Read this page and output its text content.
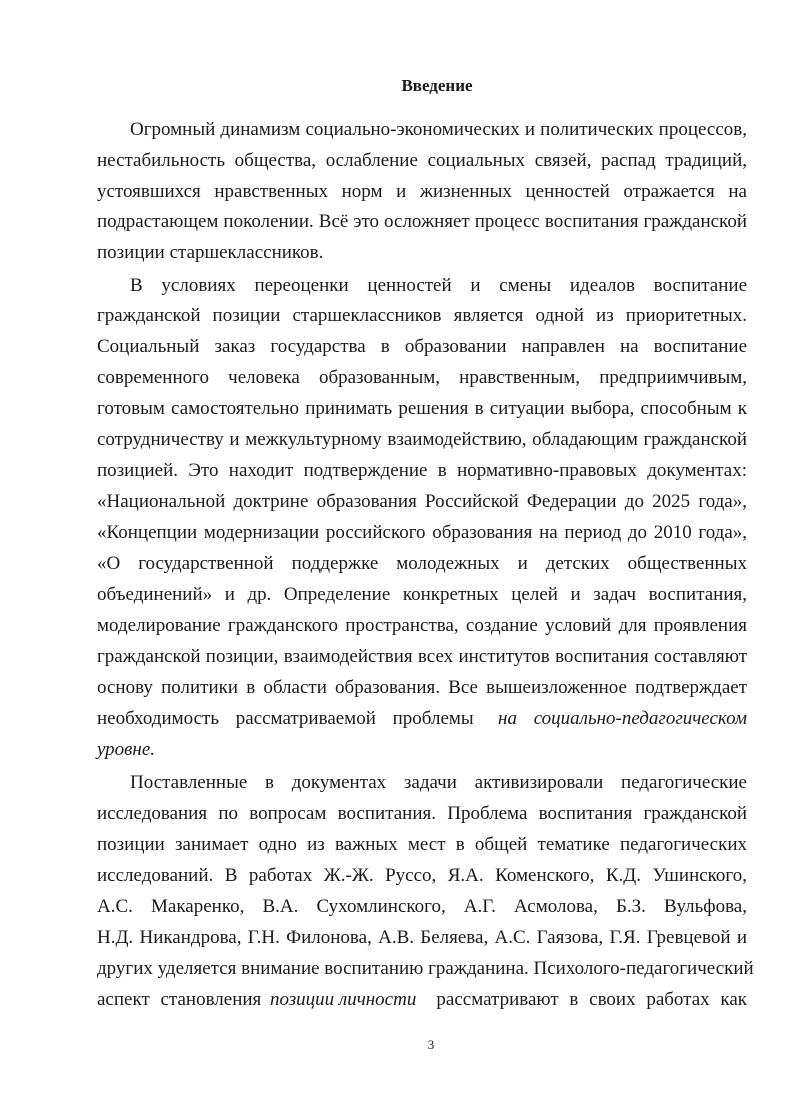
Введение
Огромный динамизм социально-экономических и политических процессов,
нестабильность общества, ослабление социальных связей, распад традиций,
устоявшихся нравственных норм и жизненных ценностей отражается на
подрастающем поколении. Всё это осложняет процесс воспитания гражданской
позиции старшеклассников.
В условиях переоценки ценностей и смены идеалов воспитание
гражданской позиции старшеклассников является одной из приоритетных.
Социальный заказ государства в образовании направлен на воспитание
современного человека образованным, нравственным, предприимчивым,
готовым самостоятельно принимать решения в ситуации выбора, способным к
сотрудничеству и межкультурному взаимодействию, обладающим гражданской
позицией. Это находит подтверждение в нормативно-правовых документах:
«Национальной доктрине образования Российской Федерации до 2025 года»,
«Концепции модернизации российского образования на период до 2010 года»,
«О государственной поддержке молодежных и детских общественных
объединений» и др. Определение конкретных целей и задач воспитания,
моделирование гражданского пространства, создание условий для проявления
гражданской позиции, взаимодействия всех институтов воспитания составляют
основу политики в области образования. Все вышеизложенное подтверждает
необходимость рассматриваемой проблемы на социально-педагогическом
уровне.
Поставленные в документах задачи активизировали педагогические
исследования по вопросам воспитания. Проблема воспитания гражданской
позиции занимает одно из важных мест в общей тематике педагогических
исследований. В работах Ж.-Ж. Руссо, Я.А. Коменского, К.Д. Ушинского,
А.С. Макаренко, В.А. Сухомлинского, А.Г. Асмолова, Б.З. Вульфова,
Н.Д. Никандрова, Г.Н. Филонова, А.В. Беляева, А.С. Гаязова, Г.Я. Гревцевой и
других уделяется внимание воспитанию гражданина. Психолого-педагогический
аспект становления позиции личности рассматривают в своих работах как
3
